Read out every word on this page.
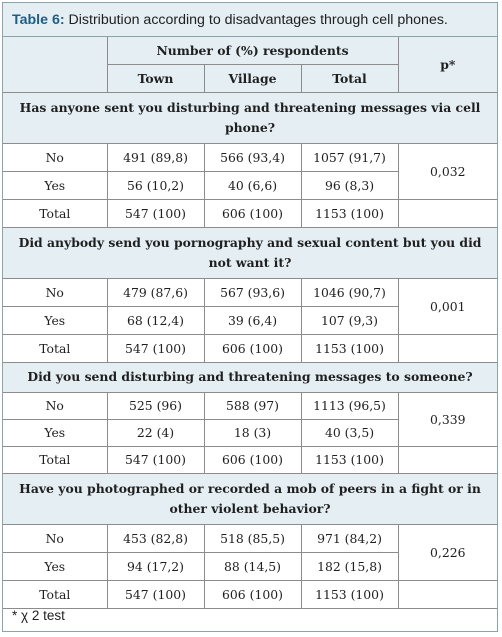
Table 6: Distribution according to disadvantages through cell phones.
	Number of (%) respondents			p*
	Town	Village	Total	
Has anyone sent you disturbing and threatening messages via cell phone?				
No	491 (89,8)	566 (93,4)	1057 (91,7)	0,032
Yes	56 (10,2)	40 (6,6)	96 (8,3)	
Total	547 (100)	606 (100)	1153 (100)	
Did anybody send you pornography and sexual content but you did not want it?				
No	479 (87,6)	567 (93,6)	1046 (90,7)	0,001
Yes	68 (12,4)	39 (6,4)	107 (9,3)	
Total	547 (100)	606 (100)	1153 (100)	
Did you send disturbing and threatening messages to someone?				
No	525 (96)	588 (97)	1113 (96,5)	0,339
Yes	22 (4)	18 (3)	40 (3,5)	
Total	547 (100)	606 (100)	1153 (100)	
Have you photographed or recorded a mob of peers in a fight or in other violent behavior?				
No	453 (82,8)	518 (85,5)	971 (84,2)	0,226
Yes	94 (17,2)	88 (14,5)	182 (15,8)	
Total	547 (100)	606 (100)	1153 (100)	
* χ 2 test
